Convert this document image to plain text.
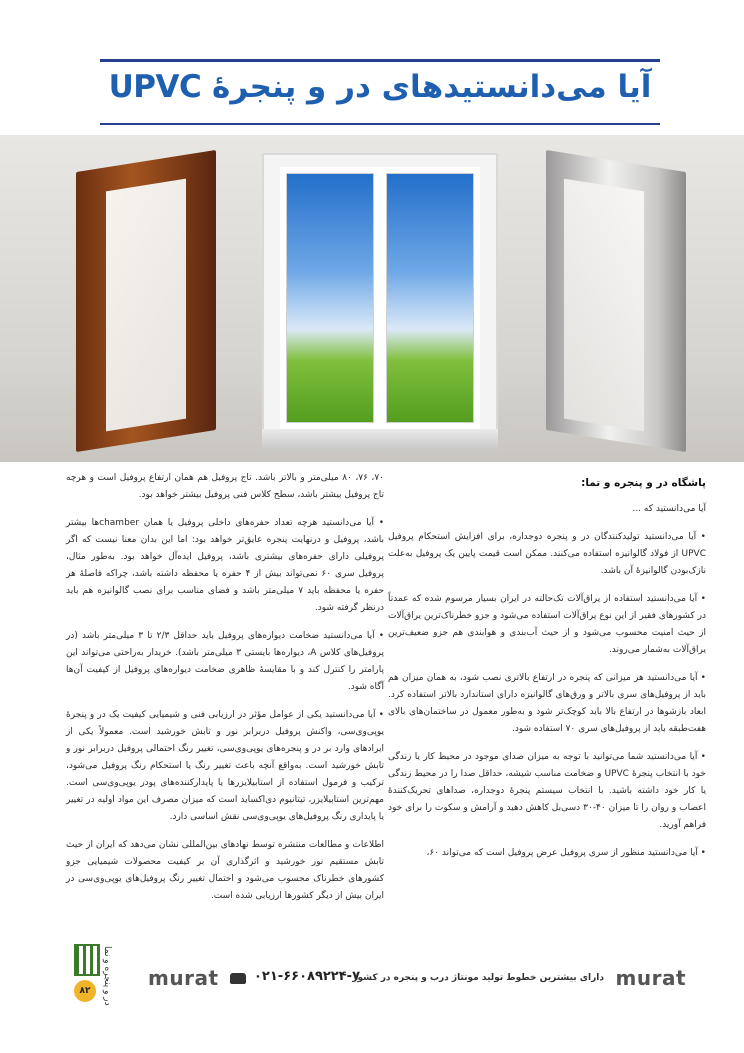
آیا می‌دانستیدهای در و پنجرهٔ UPVC
پاشگاه در و پنجره و تما:

آیا می‌دانستید که ...

• آیا می‌دانستید تولیدکنندگان در و پنجره دوجداره، برای افزایش استحکام پروفیل UPVC از فولاد گالوانیزه استفاده می‌کنند. ممکن است قیمت پایین یک پروفیل به‌علت نازک‌بودن گالوانیزهٔ آن باشد.

• آیا می‌دانستید استفاده از یراق‌آلات تک‌حالته در ایران بسیار مرسوم شده که عمدتاً در کشورهای فقیر از این نوع یراق‌آلات استفاده می‌شود و جزو خطرناک‌ترین یراق‌آلات از حیث امنیت محسوب می‌شود و از حیث آب‌بندی و هوابندی هم جزو ضعیف‌ترین یراق‌آلات به‌شمار می‌روند.

• آیا می‌دانستید هر میزانی که پنجره در ارتفاع بالاتری نصب شود، به همان میزان هم باید از پروفیل‌های سری بالاتر و ورق‌های گالوانیزه دارای استاندارد بالاتر استفاده کرد. ابعاد بازشوها در ارتفاع بالا باید کوچک‌تر شود و به‌طور معمول در ساختمان‌های بالای هفت‌طبقه باید از پروفیل‌های سری ۷۰ استفاده شود.

• آیا می‌دانستید شما می‌توانید با توجه به میزان صدای موجود در محیط کار یا زندگی خود با انتخاب پنجرهٔ UPVC و ضخامت مناسب شیشه، حداقل صدا را در محیط زندگی یا کار خود داشته باشید. با انتخاب سیستم پنجرهٔ دوجداره، صداهای تحریک‌کنندهٔ اعصاب و روان را تا میزان ۴۰-۳۰ دسی‌بل کاهش دهید و آرامش و سکوت را برای خود فراهم آورید.

• آیا می‌دانستید منظور از سری پروفیل عرض پروفیل است که می‌تواند ۶۰،

۷۰، ۷۶، ۸۰ میلی‌متر و بالاتر باشد. تاج پروفیل هم همان ارتفاع پروفیل است و هرچه تاج پروفیل بیشتر باشد، سطح کلاس فنی پروفیل بیشتر خواهد بود.

• آیا می‌دانستید هرچه تعداد حفره‌های داخلی پروفیل یا همان chamberها بیشتر باشد، پروفیل و درنهایت پنجره عایق‌تر خواهد بود: اما این بدان معنا نیست که اگر پروفیلی دارای حفره‌های بیشتری باشد، پروفیل ایده‌آل خواهد بود. به‌طور مثال، پروفیل سری ۶۰ نمی‌تواند بیش از ۴ حفره یا محفظه داشته باشد، چراکه فاصلهٔ هر حفره یا محفظه باید ۷ میلی‌متر باشد و فضای مناسب برای نصب گالوانیزه هم باید درنظر گرفته شود.

• آیا می‌دانستید ضخامت دیواره‌های پروفیل باید حداقل ۲/۳ تا ۳ میلی‌متر باشد (در پروفیل‌های کلاس A، دیواره‌ها بایستی ۳ میلی‌متر باشد). خریدار به‌راحتی می‌تواند این پارامتر را کنترل کند و با مقایسهٔ ظاهری ضخامت دیواره‌های پروفیل از کیفیت آن‌ها آگاه شود.

• آیا می‌دانستید یکی از عوامل مؤثر در ارزیابی فنی و شیمیایی کیفیت یک در و پنجرهٔ یوپی‌وی‌سی، واکنش پروفیل دربرابر نور و تابش خورشید است. معمولاً یکی از ایرادهای وارد بر در و پنجره‌های یوپی‌وی‌سی، تغییر رنگ احتمالی پروفیل دربرابر نور و تابش خورشید است. به‌واقع آنچه باعث تغییر رنگ یا استحکام رنگ پروفیل می‌شود، ترکیب و فرمول استفاده از استابیلایزرها یا پایدارکننده‌های پودر یوپی‌وی‌سی است. مهم‌ترین استابیلایزر، تیتانیوم دی‌اکساید است که میزان مصرف این مواد اولیه در تغییر یا پایداری رنگ پروفیل‌های یوپی‌وی‌سی نقش اساسی دارد.

اطلاعات و مطالعات منتشره توسط نهادهای بین‌المللی نشان می‌دهد که ایران از حیث تابش مستقیم نور خورشید و اثرگذاری آن بر کیفیت محصولات شیمیایی جزو کشورهای خطرناک محسوب می‌شود و احتمال تغییر رنگ پروفیل‌های یوپی‌وی‌سی در ایران بیش از دیگر کشورها ارزیابی شده است.

در و پنجره و نما
۸۲
murat	۰۲۱-۶۶۰۸۹۲۲۴-۷
دارای بیشترین خطوط تولید مونتاژ درب و پنجره در کشور murat
